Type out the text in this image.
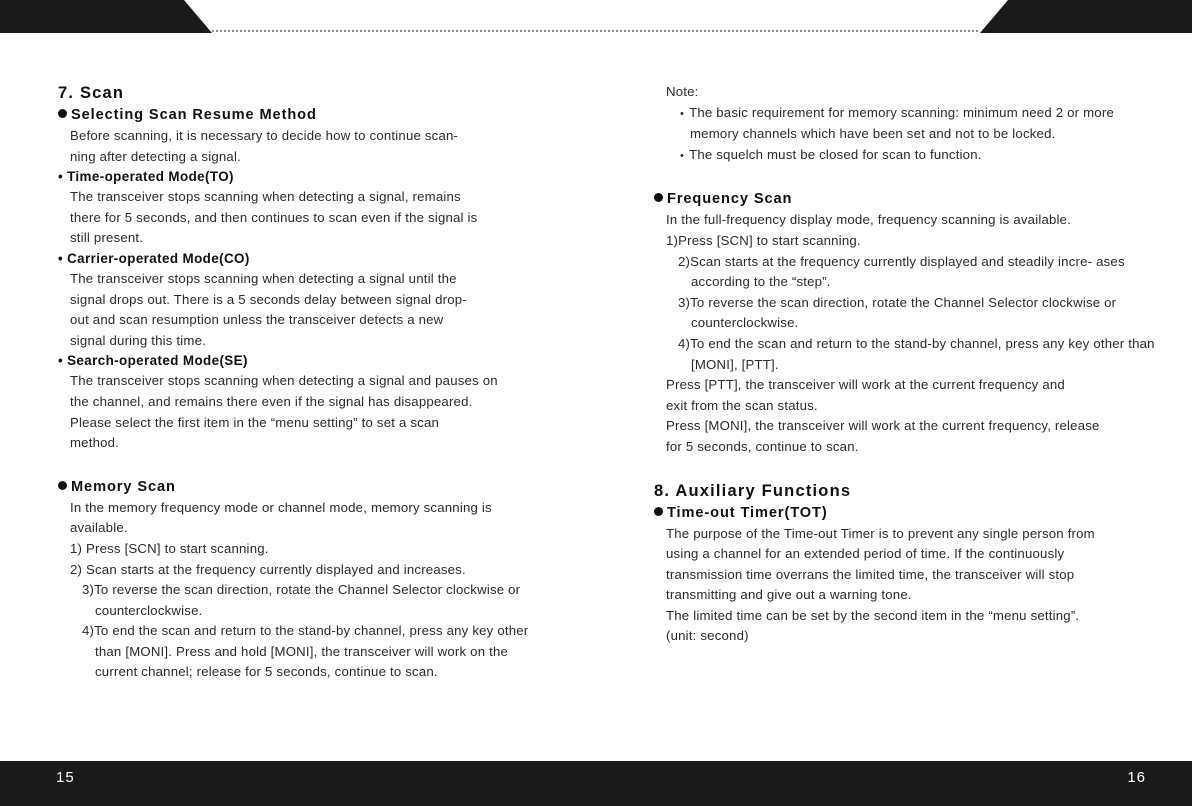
7. Scan
Selecting Scan Resume Method
Before scanning, it is necessary to decide how to continue scan-
ning after detecting a signal.
• Time-operated Mode(TO)
The transceiver stops scanning when detecting a signal, remains
there for 5 seconds, and then continues to scan even if the signal is
still present.
• Carrier-operated Mode(CO)
The transceiver stops scanning when detecting a signal until the
signal drops out. There is a 5 seconds delay between signal drop-
out and scan resumption unless the transceiver detects a new
signal during this time.
• Search-operated Mode(SE)
The transceiver stops scanning when detecting a signal and pauses on
the channel, and remains there even if the signal has disappeared.
Please select the first item in the “menu setting” to set a scan
method.
Memory Scan
In the memory frequency mode or channel mode, memory scanning is
available.
1) Press [SCN] to start scanning.
2) Scan starts at the frequency currently displayed and increases.
3)To reverse the scan direction, rotate the Channel Selector clockwise or counterclockwise.
4)To end the scan and return to the stand-by channel, press any key other than [MONI]. Press and hold [MONI], the transceiver will work on the current channel; release for 5 seconds, continue to scan.
Note:
• The basic requirement for memory scanning: minimum need 2 or more memory channels which have been set and not to be locked.
• The squelch must be closed for scan to function.
Frequency Scan
In the full-frequency display mode, frequency scanning is available.
1)Press [SCN] to start scanning.
2)Scan starts at the frequency currently displayed and steadily incre- ases according to the “step”.
3)To reverse the scan direction, rotate the Channel Selector clockwise or counterclockwise.
4)To end the scan and return to the stand-by channel, press any key other than [MONI], [PTT].
Press [PTT], the transceiver will work at the current frequency and
exit from the scan status.
Press [MONI], the transceiver will work at the current frequency, release
for 5 seconds, continue to scan.
8. Auxiliary Functions
Time-out Timer(TOT)
The purpose of the Time-out Timer is to prevent any single person from
using a channel for an extended period of time. If the continuously
transmission time overrans the limited time, the transceiver will stop
transmitting and give out a warning tone.
The limited time can be set by the second item in the “menu setting”.
(unit: second)
15	16
